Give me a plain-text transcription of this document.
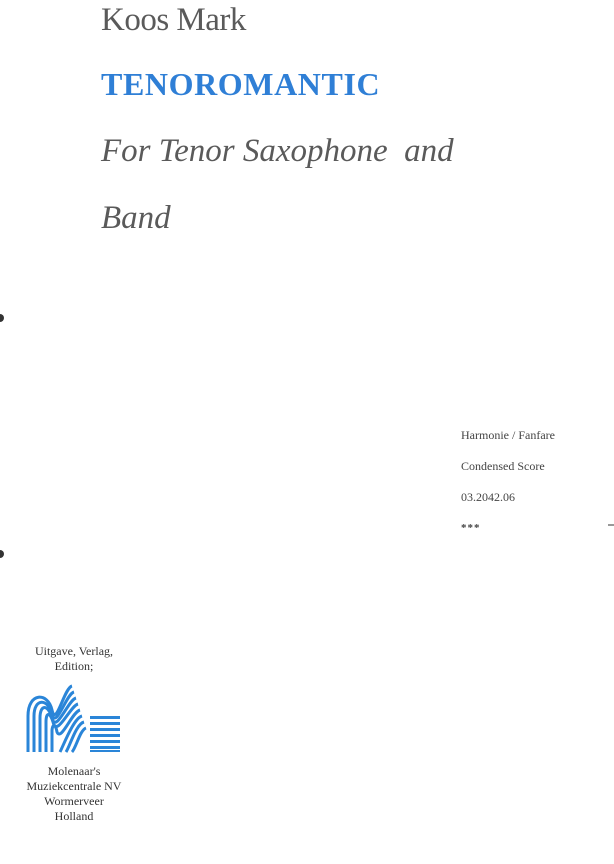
Koos Mark
TENOROMANTIC

For Tenor Saxophone  and

Band

Harmonie / Fanfare
Condensed Score
03.2042.06
***
Uitgave, Verlag,
Edition;
Molenaar's
Muziekcentrale NV
Wormerveer
Holland
